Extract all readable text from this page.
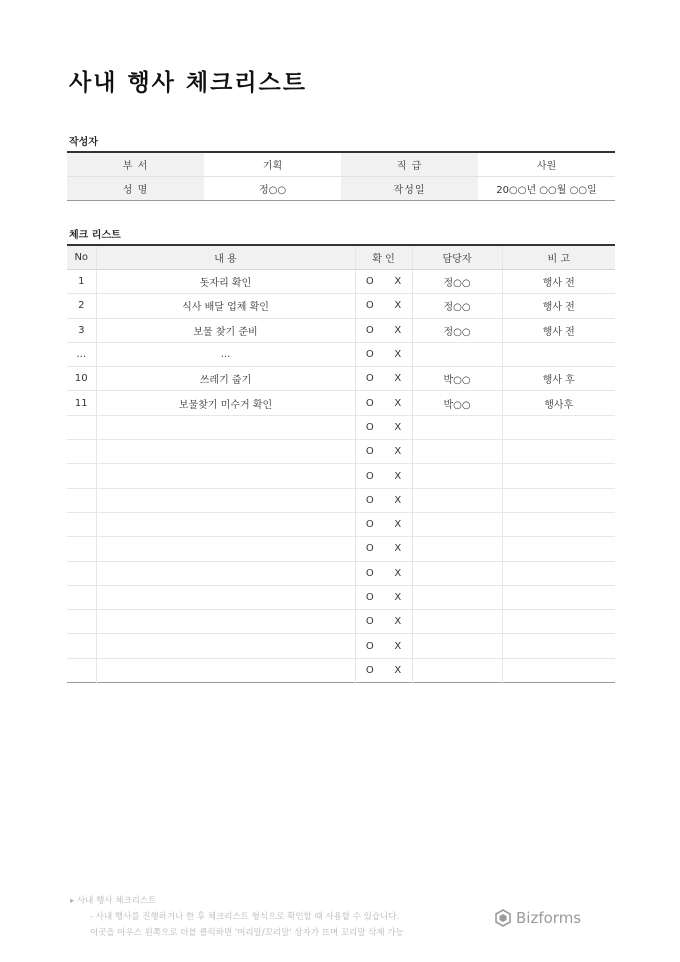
사내 행사 체크리스트
작성자
부 서	기획	직 급	사원
성 명	정○○	작성일	20○○년 ○○월 ○○일
체크 리스트
No	내 용	확 인		담당자	비 고
1	돗자리 확인	O	X	정○○	행사 전
2	식사 배달 업체 확인	O	X	정○○	행사 전
3	보물 찾기 준비	O	X	정○○	행사 전
...	...	O	X		
10	쓰레기 줍기	O	X	박○○	행사 후
11	보물찾기 미수거 확인	O	X	박○○	행사후
		O	X		
		O	X		
		O	X		
		O	X		
		O	X		
		O	X		
		O	X		
		O	X		
		O	X		
		O	X		
		O	X		
▸ 사내 행사 체크리스트
- 사내 행사를 진행하거나 한 후 체크리스트 형식으로 확인할 때 사용할 수 있습니다.
이곳을 마우스 왼쪽으로 더블 클릭하면 '머리말/꼬리말' 상자가 뜨며 꼬리말 삭제 가능
Bizforms
